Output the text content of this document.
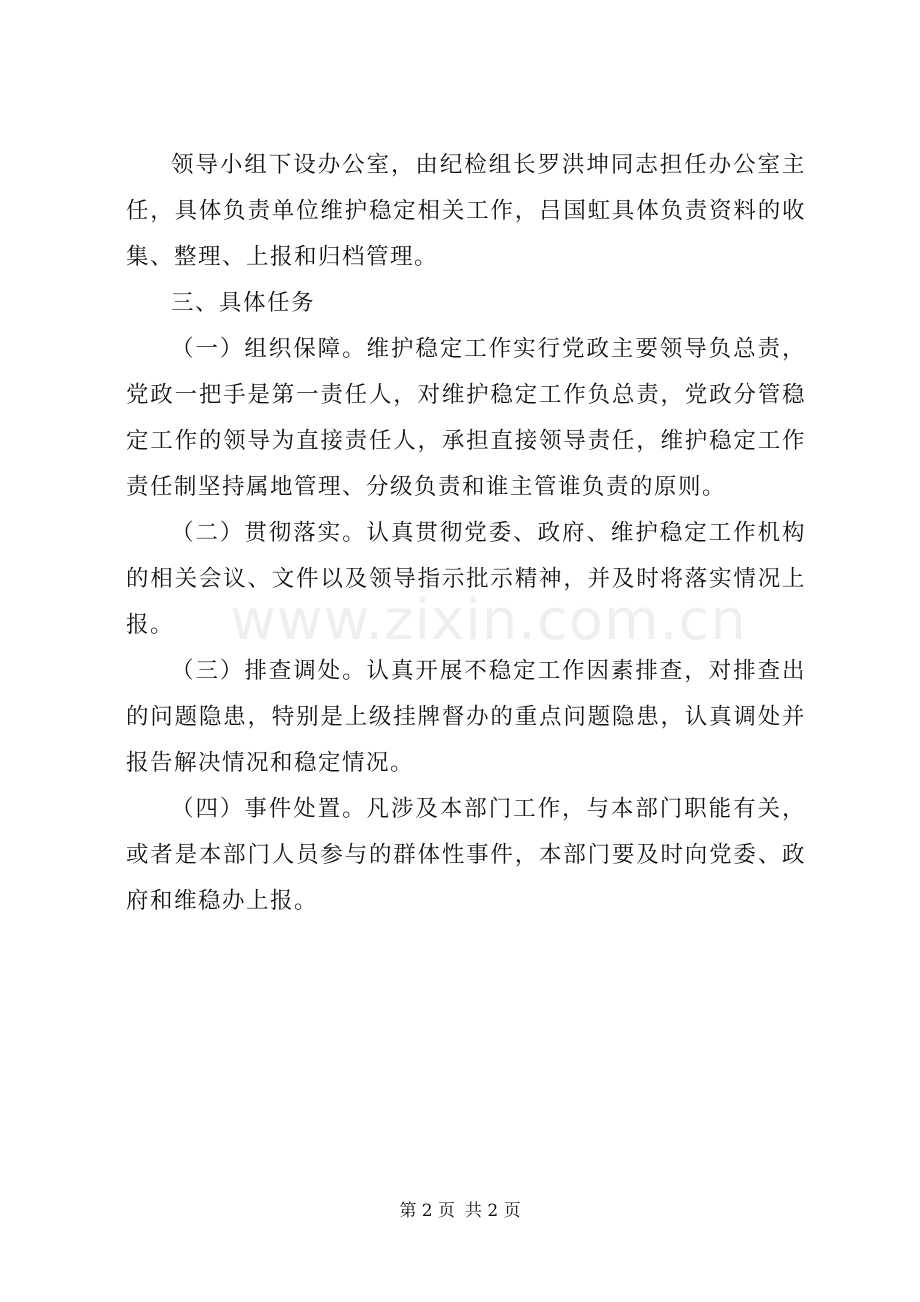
领导小组下设办公室，由纪检组长罗洪坤同志担任办公室主任，具体负责单位维护稳定相关工作，吕国虹具体负责资料的收集、整理、上报和归档管理。

三、具体任务

（一）组织保障。维护稳定工作实行党政主要领导负总责，党政一把手是第一责任人，对维护稳定工作负总责，党政分管稳定工作的领导为直接责任人，承担直接领导责任，维护稳定工作责任制坚持属地管理、分级负责和谁主管谁负责的原则。

（二）贯彻落实。认真贯彻党委、政府、维护稳定工作机构的相关会议、文件以及领导指示批示精神，并及时将落实情况上报。

（三）排查调处。认真开展不稳定工作因素排查，对排查出的问题隐患，特别是上级挂牌督办的重点问题隐患，认真调处并报告解决情况和稳定情况。

（四）事件处置。凡涉及本部门工作，与本部门职能有关，或者是本部门人员参与的群体性事件，本部门要及时向党委、政府和维稳办上报。

www.zixin.com.cn
第 2 页 共 2 页
